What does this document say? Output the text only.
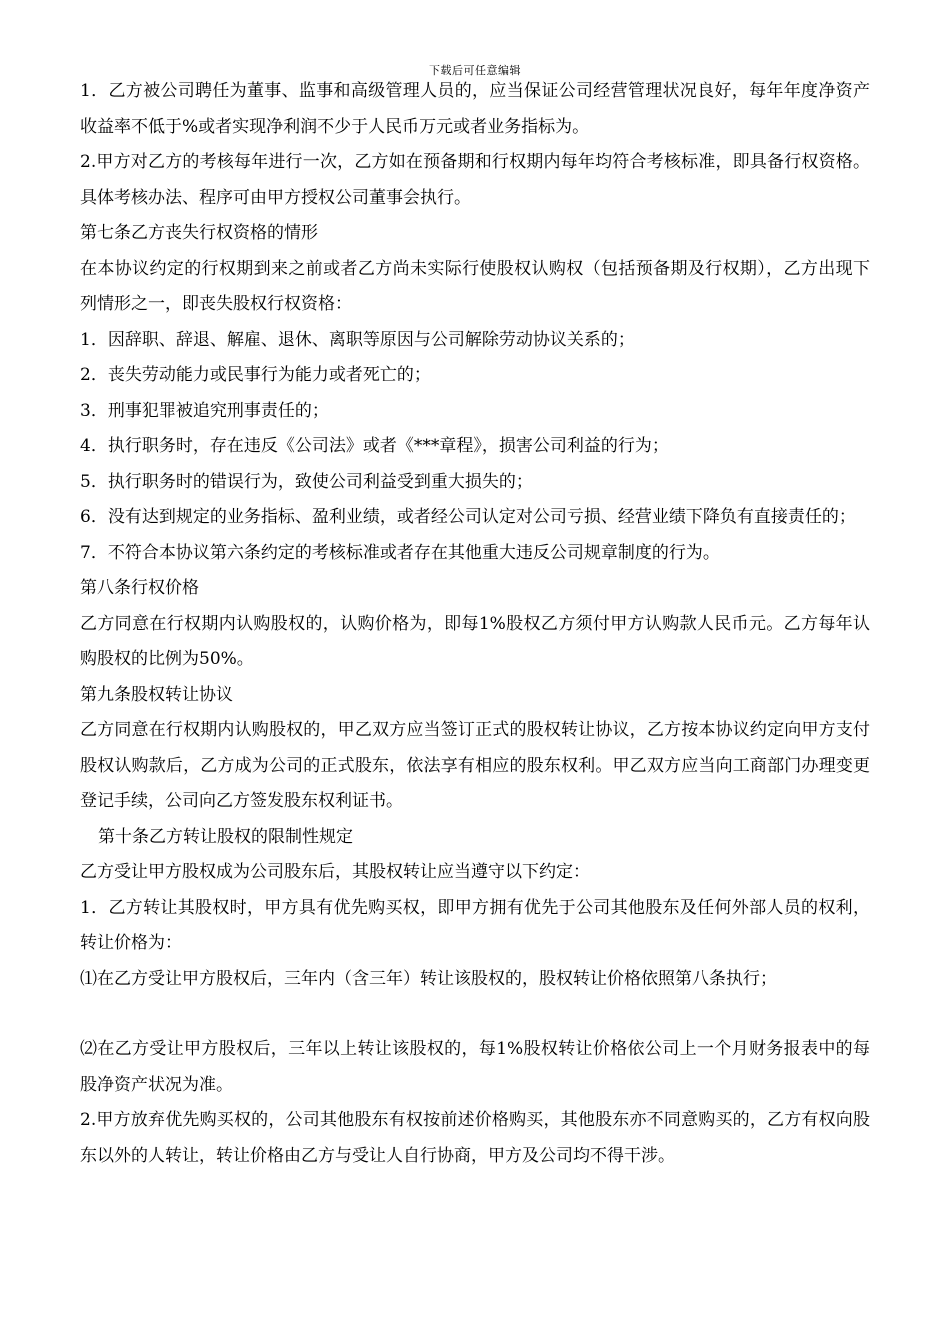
下载后可任意编辑

1．乙方被公司聘任为董事、监事和高级管理人员的，应当保证公司经营管理状况良好，每年年度净资产收益率不低于%或者实现净利润不少于人民币万元或者业务指标为。

2.甲方对乙方的考核每年进行一次，乙方如在预备期和行权期内每年均符合考核标准，即具备行权资格。具体考核办法、程序可由甲方授权公司董事会执行。

第七条乙方丧失行权资格的情形

在本协议约定的行权期到来之前或者乙方尚未实际行使股权认购权（包括预备期及行权期），乙方出现下列情形之一，即丧失股权行权资格：

1．因辞职、辞退、解雇、退休、离职等原因与公司解除劳动协议关系的；

2．丧失劳动能力或民事行为能力或者死亡的；

3．刑事犯罪被追究刑事责任的；

4．执行职务时，存在违反《公司法》或者《***章程》，损害公司利益的行为；

5．执行职务时的错误行为，致使公司利益受到重大损失的；

6．没有达到规定的业务指标、盈利业绩，或者经公司认定对公司亏损、经营业绩下降负有直接责任的；

7．不符合本协议第六条约定的考核标准或者存在其他重大违反公司规章制度的行为。

第八条行权价格

乙方同意在行权期内认购股权的，认购价格为，即每1%股权乙方须付甲方认购款人民币元。乙方每年认购股权的比例为50%。

第九条股权转让协议

乙方同意在行权期内认购股权的，甲乙双方应当签订正式的股权转让协议，乙方按本协议约定向甲方支付股权认购款后，乙方成为公司的正式股东，依法享有相应的股东权利。甲乙双方应当向工商部门办理变更登记手续，公司向乙方签发股东权利证书。

第十条乙方转让股权的限制性规定

乙方受让甲方股权成为公司股东后，其股权转让应当遵守以下约定：

1．乙方转让其股权时，甲方具有优先购买权，即甲方拥有优先于公司其他股东及任何外部人员的权利，转让价格为：

⑴在乙方受让甲方股权后，三年内（含三年）转让该股权的，股权转让价格依照第八条执行；

⑵在乙方受让甲方股权后，三年以上转让该股权的，每1%股权转让价格依公司上一个月财务报表中的每股净资产状况为准。

2.甲方放弃优先购买权的，公司其他股东有权按前述价格购买，其他股东亦不同意购买的，乙方有权向股东以外的人转让，转让价格由乙方与受让人自行协商，甲方及公司均不得干涉。
